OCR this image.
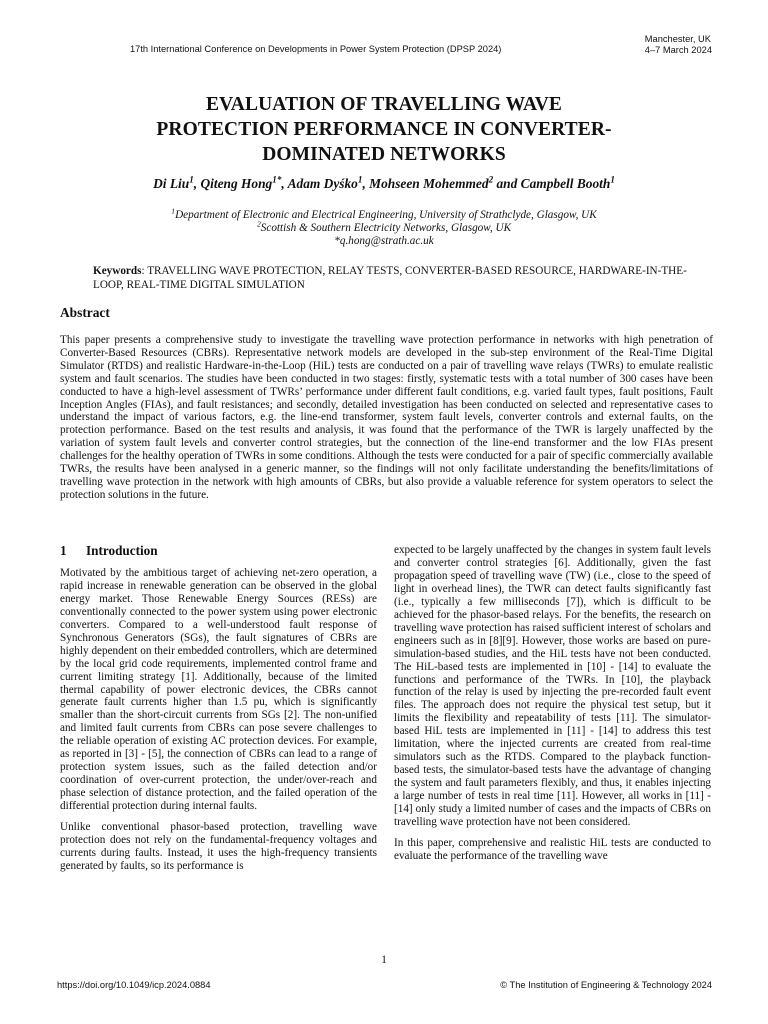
17th International Conference on Developments in Power System Protection (DPSP 2024)
Manchester, UK
4–7 March 2024
EVALUATION OF TRAVELLING WAVE
PROTECTION PERFORMANCE IN CONVERTER-
DOMINATED NETWORKS
Di Liu$^1$, Qiteng Hong$^{1*}$, Adam Dyśko$^1$, Mohseen Mohemmed$^2$ and Campbell Booth$^1$
$^1$Department of Electronic and Electrical Engineering, University of Strathclyde, Glasgow, UK
$^2$Scottish & Southern Electricity Networks, Glasgow, UK
*q.hong@strath.ac.uk
Keywords: TRAVELLING WAVE PROTECTION, RELAY TESTS, CONVERTER-BASED RESOURCE, HARDWARE-IN-THE-LOOP, REAL-TIME DIGITAL SIMULATION
Abstract

This paper presents a comprehensive study to investigate the travelling wave protection performance in networks with high penetration of Converter-Based Resources (CBRs). Representative network models are developed in the sub-step environment of the Real-Time Digital Simulator (RTDS) and realistic Hardware-in-the-Loop (HiL) tests are conducted on a pair of travelling wave relays (TWRs) to emulate realistic system and fault scenarios. The studies have been conducted in two stages: firstly, systematic tests with a total number of 300 cases have been conducted to have a high-level assessment of TWRs’ performance under different fault conditions, e.g. varied fault types, fault positions, Fault Inception Angles (FIAs), and fault resistances; and secondly, detailed investigation has been conducted on selected and representative cases to understand the impact of various factors, e.g. the line-end transformer, system fault levels, converter controls and external faults, on the protection performance. Based on the test results and analysis, it was found that the performance of the TWR is largely unaffected by the variation of system fault levels and converter control strategies, but the connection of the line-end transformer and the low FIAs present challenges for the healthy operation of TWRs in some conditions. Although the tests were conducted for a pair of specific commercially available TWRs, the results have been analysed in a generic manner, so the findings will not only facilitate understanding the benefits/limitations of travelling wave protection in the network with high amounts of CBRs, but also provide a valuable reference for system operators to select the protection solutions in the future.

1 Introduction

Motivated by the ambitious target of achieving net-zero operation, a rapid increase in renewable generation can be observed in the global energy market. Those Renewable Energy Sources (RESs) are conventionally connected to the power system using power electronic converters. Compared to a well-understood fault response of Synchronous Generators (SGs), the fault signatures of CBRs are highly dependent on their embedded controllers, which are determined by the local grid code requirements, implemented control frame and current limiting strategy [1]. Additionally, because of the limited thermal capability of power electronic devices, the CBRs cannot generate fault currents higher than 1.5 pu, which is significantly smaller than the short-circuit currents from SGs [2]. The non-unified and limited fault currents from CBRs can pose severe challenges to the reliable operation of existing AC protection devices. For example, as reported in [3] - [5], the connection of CBRs can lead to a range of protection system issues, such as the failed detection and/or coordination of over-current protection, the under/over-reach and phase selection of distance protection, and the failed operation of the differential protection during internal faults.

Unlike conventional phasor-based protection, travelling wave protection does not rely on the fundamental-frequency voltages and currents during faults. Instead, it uses the high-frequency transients generated by faults, so its performance is

expected to be largely unaffected by the changes in system fault levels and converter control strategies [6]. Additionally, given the fast propagation speed of travelling wave (TW) (i.e., close to the speed of light in overhead lines), the TWR can detect faults significantly fast (i.e., typically a few milliseconds [7]), which is difficult to be achieved for the phasor-based relays. For the benefits, the research on travelling wave protection has raised sufficient interest of scholars and engineers such as in [8][9]. However, those works are based on pure-simulation-based studies, and the HiL tests have not been conducted. The HiL-based tests are implemented in [10] - [14] to evaluate the functions and performance of the TWRs. In [10], the playback function of the relay is used by injecting the pre-recorded fault event files. The approach does not require the physical test setup, but it limits the flexibility and repeatability of tests [11]. The simulator-based HiL tests are implemented in [11] - [14] to address this test limitation, where the injected currents are created from real-time simulators such as the RTDS. Compared to the playback function-based tests, the simulator-based tests have the advantage of changing the system and fault parameters flexibly, and thus, it enables injecting a large number of tests in real time [11]. However, all works in [11] - [14] only study a limited number of cases and the impacts of CBRs on travelling wave protection have not been considered.

In this paper, comprehensive and realistic HiL tests are conducted to evaluate the performance of the travelling wave

1
https://doi.org/10.1049/icp.2024.0884	© The Institution of Engineering & Technology 2024
